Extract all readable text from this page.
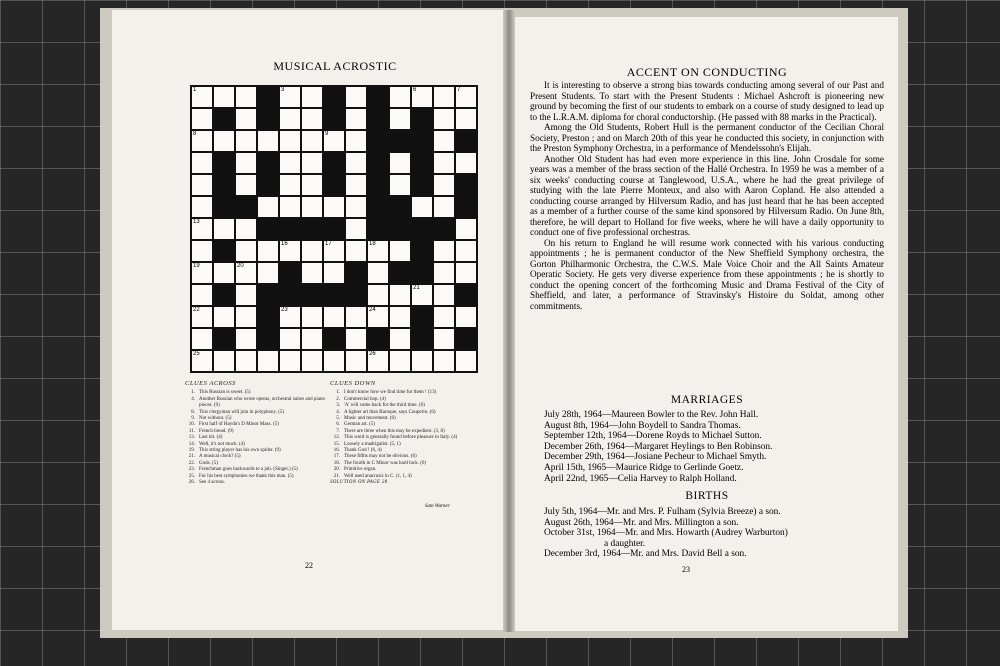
MUSICAL ACROSTIC
1	3	6	7
8	9
13
16	17	18
19	20
21
22	23	24
25	26
CLUES ACROSS
1. This Russian is sweet. (5)
4. Another Russian who wrote operas, orchestral suites and piano pieces. (9)
8. This clergyman will join in polyphony. (5)
9. Not without. (5)
10. First half of Haydn's D Minor Mass. (5)
11. French bread. (9)
13. Last bit. (4)
14. Well, it's not much. (4)
19. This string player has his own spider. (9)
21. A musical clock? (5)
22. Gods. (5)
23. Frenchman goes backwards to a job. (Singer.) (5)
25. For his best symphonies we thank this man. (5)
26. See 4 across.
CLUES DOWN
1. I don't know how we find time for them ! (13)
2. Commercial hop. (4)
3. 'A' will come back for the third time. (6)
4. A lighter art than Baroque, says Couperin. (6)
5. Music and movement. (6)
6. German art. (5)
7. There are three when this may be expedient. (3, 8)
12. This word is generally found before pleasure in Italy. (4)
15. Loosely a madrigalist. (5, 1)
16. Thank God ! (6, 4)
17. These fifths may not be obvious. (6)
18. The fourth in C Minor was hard luck. (6)
20. Primitive organ.
21. Well used anacrusis in C. (1, 1, 4)
SOLUTION ON PAGE 28
Sam Warner
22
ACCENT ON CONDUCTING

It is interesting to observe a strong bias towards conducting among several of our Past and Present Students. To start with the Present Students : Michael Ashcroft is pioneering new ground by becoming the first of our students to embark on a course of study designed to lead up to the L.R.A.M. diploma for choral conductorship. (He passed with 88 marks in the Practical).

Among the Old Students, Robert Hull is the permanent conductor of the Cecilian Choral Society, Preston ; and on March 20th of this year he conducted this society, in conjunction with the Preston Symphony Orchestra, in a performance of Mendelssohn's Elijah.

Another Old Student has had even more experience in this line. John Crosdale for some years was a member of the brass section of the Hallé Orchestra. In 1959 he was a member of a six weeks' conducting course at Tanglewood, U.S.A., where he had the great privilege of studying with the late Pierre Monteux, and also with Aaron Copland. He also attended a conducting course arranged by Hilversum Radio, and has just heard that he has been accepted as a member of a further course of the same kind sponsored by Hilversum Radio. On June 8th, therefore, he will depart to Holland for five weeks, where he will have a daily opportunity to conduct one of five professional orchestras.

On his return to England he will resume work connected with his various conducting appointments ; he is permanent conductor of the New Sheffield Symphony orchestra, the Gorton Philharmonic Orchestra, the C.W.S. Male Voice Choir and the All Saints Amateur Operatic Society. He gets very diverse experience from these appointments ; he is shortly to conduct the opening concert of the forthcoming Music and Drama Festival of the City of Sheffield, and later, a performance of Stravinsky's Histoire du Soldat, among other commitments.

MARRIAGES
July 28th, 1964—Maureen Bowler to the Rev. John Hall.
August 8th, 1964—John Boydell to Sandra Thomas.
September 12th, 1964—Dorene Royds to Michael Sutton.
December 26th, 1964—Margaret Heylings to Ben Robinson.
December 29th, 1964—Josiane Pecheur to Michael Smyth.
April 15th, 1965—Maurice Ridge to Gerlinde Goetz.
April 22nd, 1965—Celia Harvey to Ralph Holland.
BIRTHS
July 5th, 1964—Mr. and Mrs. P. Fulham (Sylvia Breeze) a son.
August 26th, 1964—Mr. and Mrs. Millington a son.
October 31st, 1964—Mr. and Mrs. Howarth (Audrey Warburton)
a daughter.
December 3rd, 1964—Mr. and Mrs. David Bell a son.
23
